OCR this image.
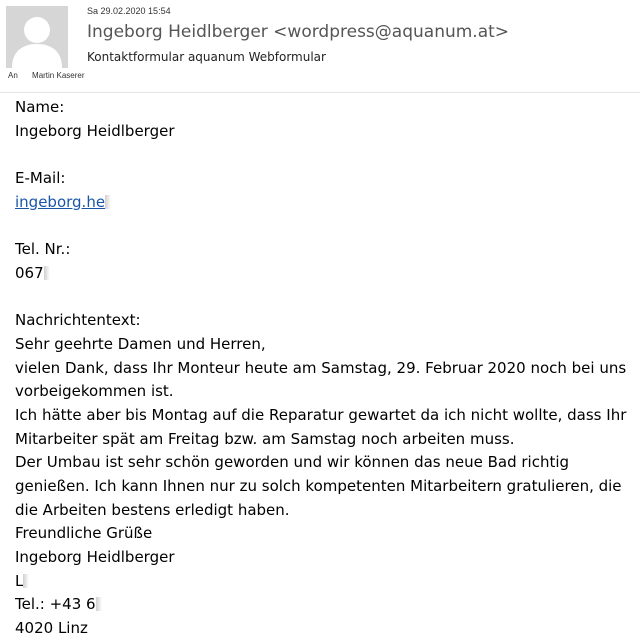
Sa 29.02.2020 15:54
Ingeborg Heidlberger <wordpress@aquanum.at>
Kontaktformular aquanum Webformular
An Martin Kaserer
Name:
Ingeborg Heidlberger
E-Mail:
ingeborg.he
Tel. Nr.:
067
Nachrichtentext:
Sehr geehrte Damen und Herren,
vielen Dank, dass Ihr Monteur heute am Samstag, 29. Februar 2020 noch bei uns
vorbeigekommen ist.
Ich hätte aber bis Montag auf die Reparatur gewartet da ich nicht wollte, dass Ihr
Mitarbeiter spät am Freitag bzw. am Samstag noch arbeiten muss.
Der Umbau ist sehr schön geworden und wir können das neue Bad richtig
genießen. Ich kann Ihnen nur zu solch kompetenten Mitarbeitern gratulieren, die
die Arbeiten bestens erledigt haben.
Freundliche Grüße
Ingeborg Heidlberger
L
Tel.: +43 6
4020 Linz
